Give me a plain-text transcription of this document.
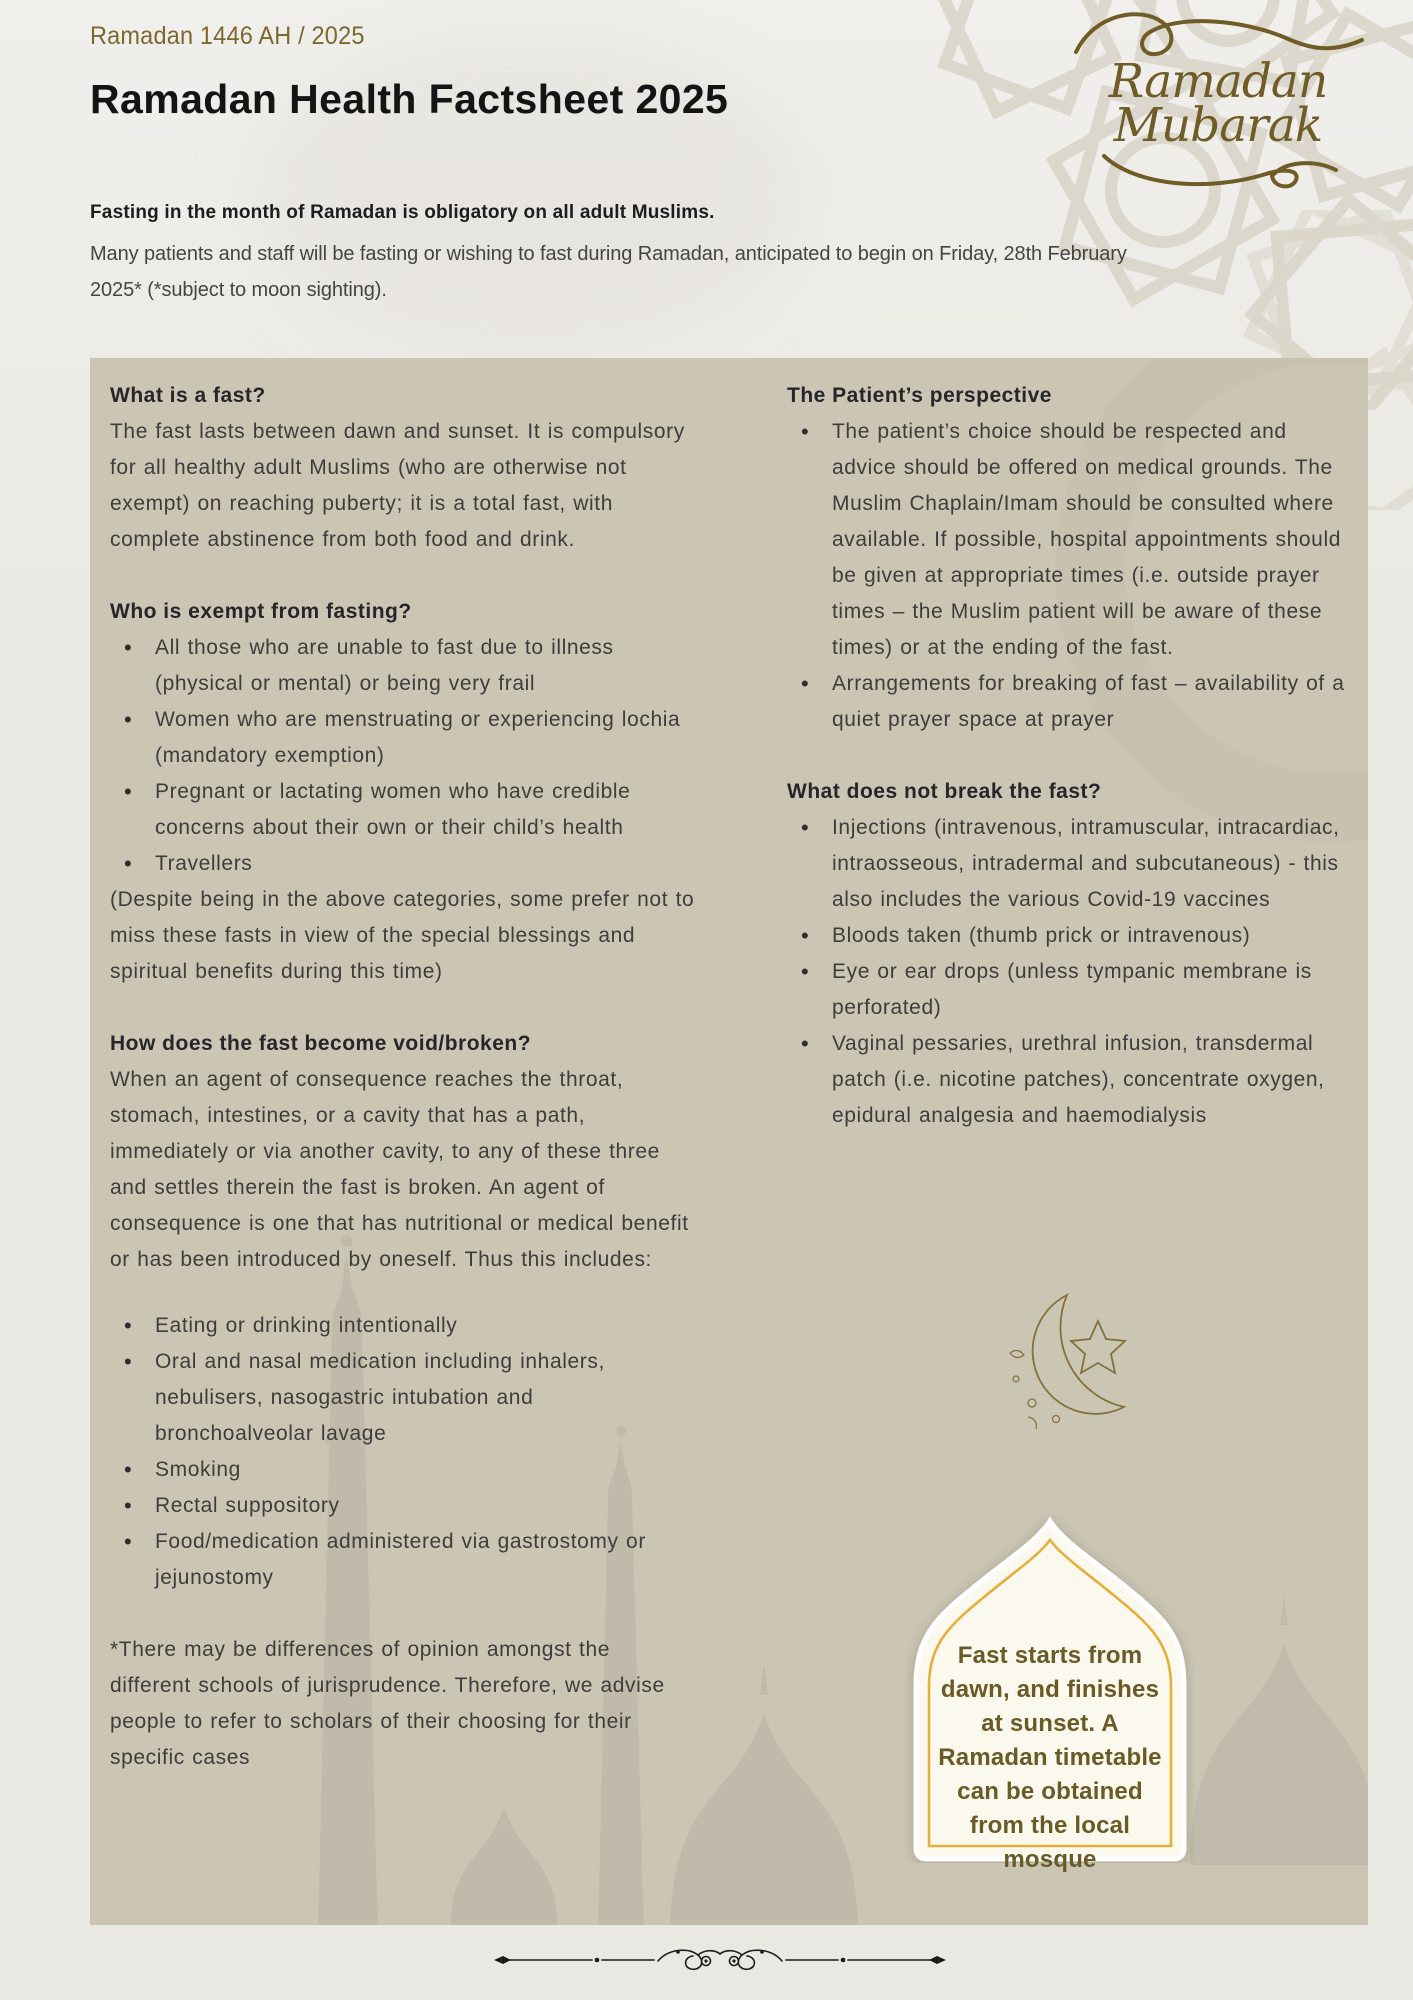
Ramadan 1446 AH / 2025
Ramadan Health Factsheet 2025	Ramadan
Mubarak

Fasting in the month of Ramadan is obligatory on all adult Muslims.

Many patients and staff will be fasting or wishing to fast during Ramadan, anticipated to begin on Friday, 28th February 2025* (*subject to moon sighting).

What is a fast?

The fast lasts between dawn and sunset. It is compulsory for all healthy adult Muslims (who are otherwise not exempt) on reaching puberty; it is a total fast, with complete abstinence from both food and drink.

Who is exempt from fasting?
• All those who are unable to fast due to illness (physical or mental) or being very frail
• Women who are menstruating or experiencing lochia (mandatory exemption)
• Pregnant or lactating women who have credible concerns about their own or their child’s health
• Travellers

(Despite being in the above categories, some prefer not to miss these fasts in view of the special blessings and spiritual benefits during this time)

How does the fast become void/broken?

When an agent of consequence reaches the throat, stomach, intestines, or a cavity that has a path, immediately or via another cavity, to any of these three and settles therein the fast is broken. An agent of consequence is one that has nutritional or medical benefit or has been introduced by oneself. Thus this includes:

• Eating or drinking intentionally
• Oral and nasal medication including inhalers, nebulisers, nasogastric intubation and bronchoalveolar lavage
• Smoking
• Rectal suppository
• Food/medication administered via gastrostomy or jejunostomy

*There may be differences of opinion amongst the different schools of jurisprudence. Therefore, we advise people to refer to scholars of their choosing for their specific cases

The Patient’s perspective
• The patient’s choice should be respected and advice should be offered on medical grounds. The Muslim Chaplain/Imam should be consulted where available. If possible, hospital appointments should be given at appropriate times (i.e. outside prayer times – the Muslim patient will be aware of these times) or at the ending of the fast.
• Arrangements for breaking of fast – availability of a quiet prayer space at prayer
What does not break the fast?
• Injections (intravenous, intramuscular, intracardiac, intraosseous, intradermal and subcutaneous) - this also includes the various Covid-19 vaccines
• Bloods taken (thumb prick or intravenous)
• Eye or ear drops (unless tympanic membrane is perforated)
• Vaginal pessaries, urethral infusion, transdermal patch (i.e. nicotine patches), concentrate oxygen, epidural analgesia and haemodialysis
Fast starts from dawn, and finishes at sunset. A Ramadan timetable can be obtained from the local mosque
